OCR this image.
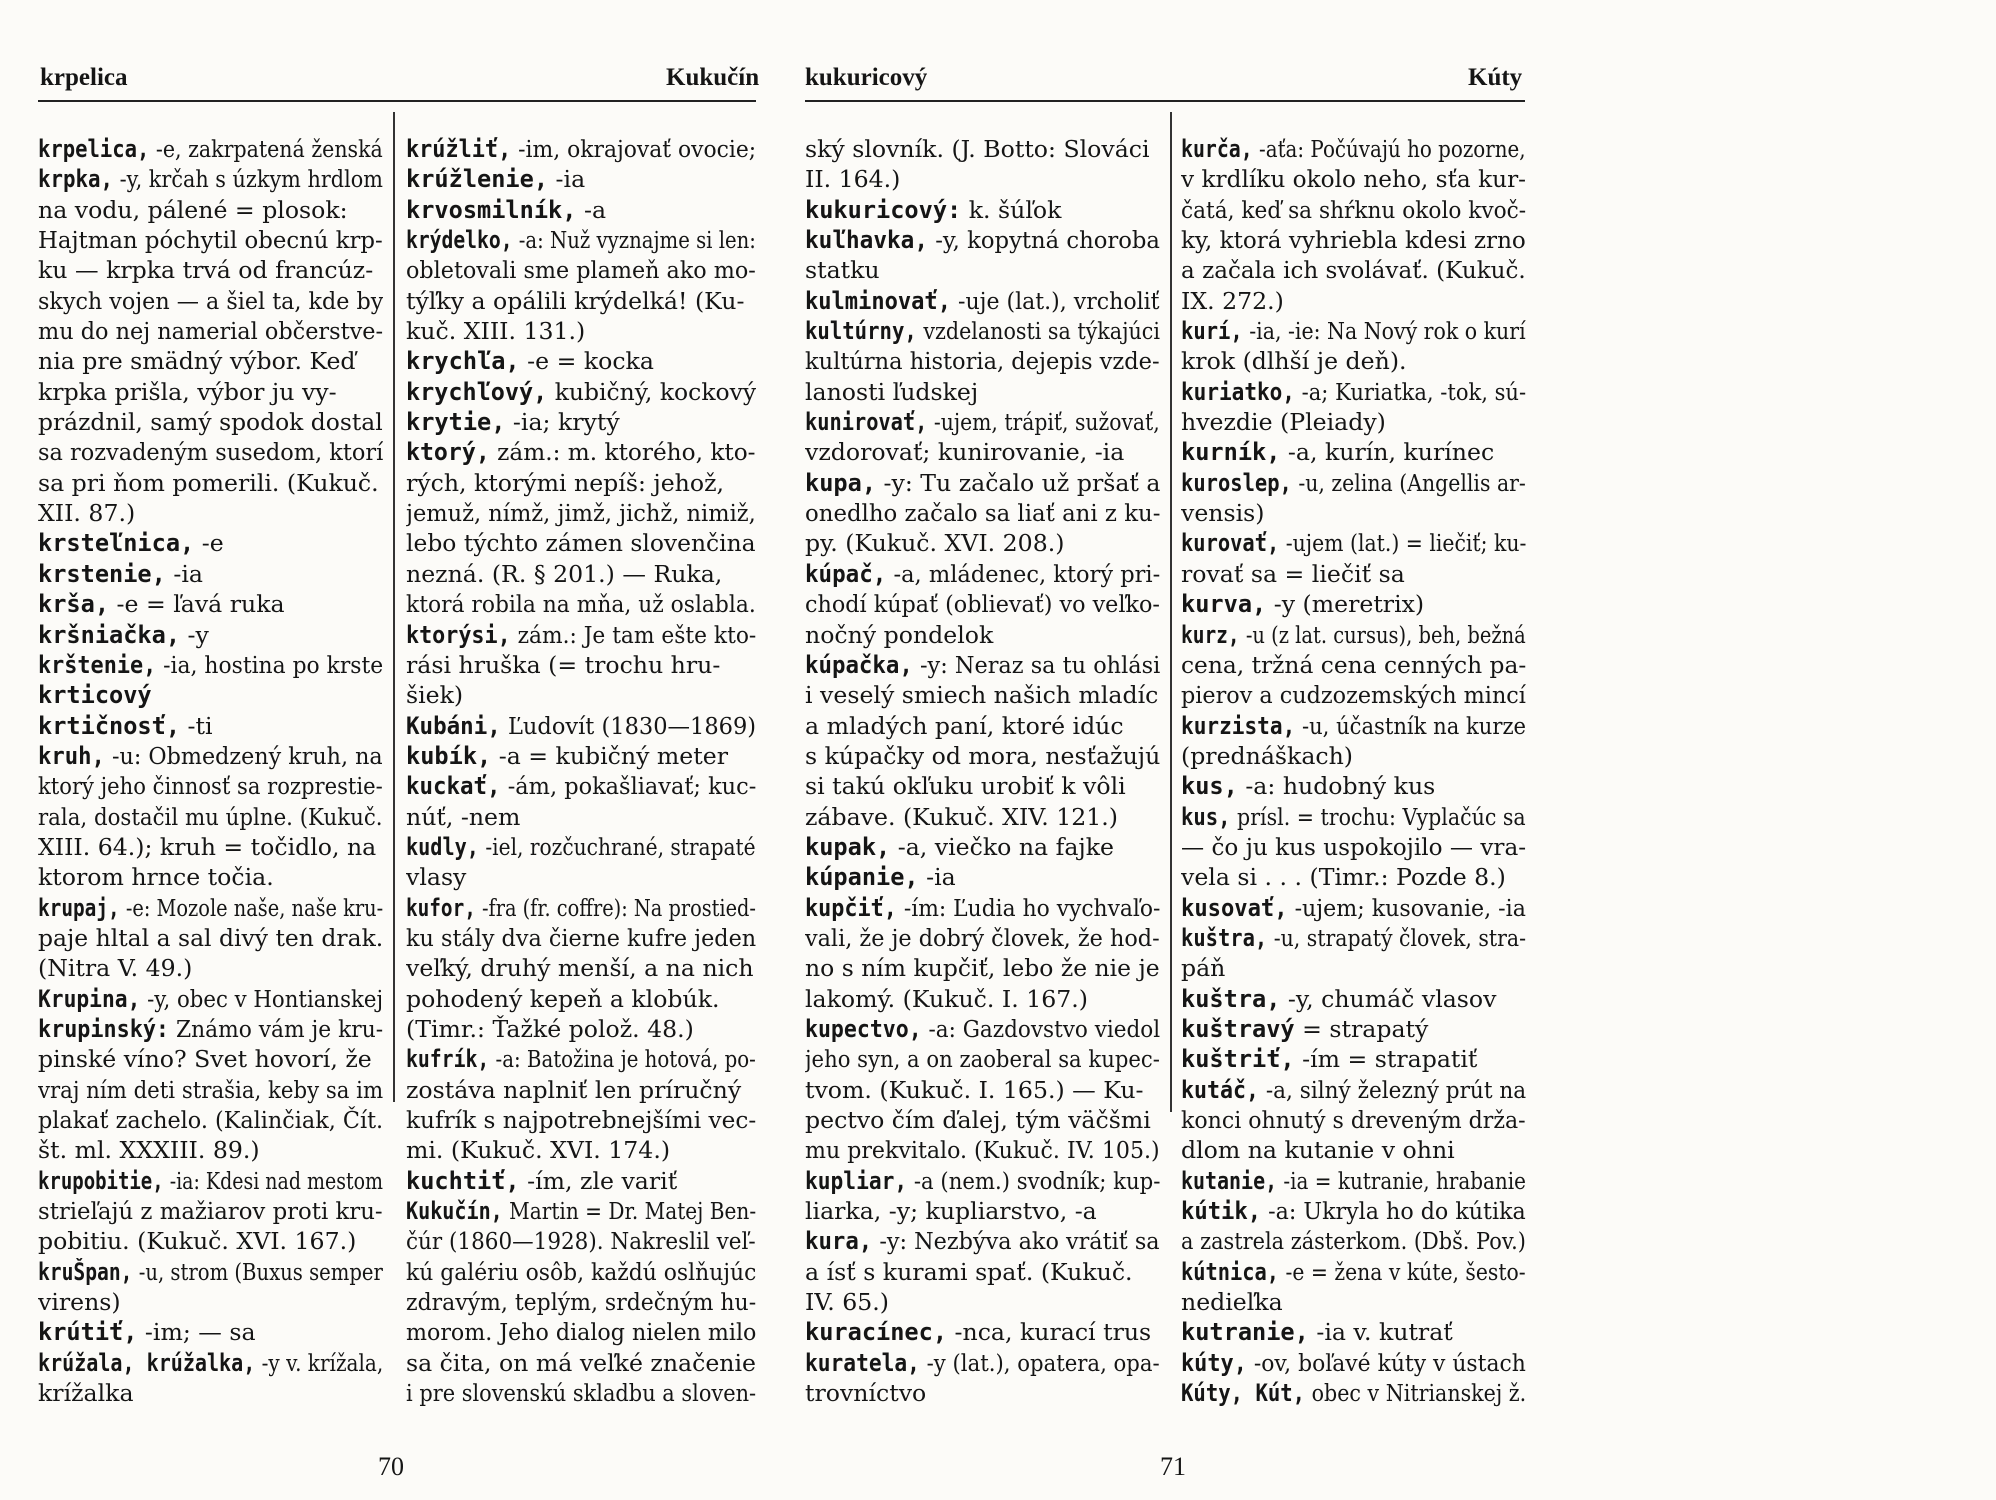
krpelica	Kukučín
krpelica, -e, zakrpatená ženská
krpka, -y, krčah s úzkym hrdlom
na vodu, pálené = plosok:
Hajtman póchytil obecnú krp-
ku — krpka trvá od francúz-
skych vojen — a šiel ta, kde by
mu do nej namerial občerstve-
nia pre smädný výbor. Keď
krpka prišla, výbor ju vy-
prázdnil, samý spodok dostal
sa rozvadeným susedom, ktorí
sa pri ňom pomerili. (Kukuč.
XII. 87.)
krsteľnica, -e
krstenie, -ia
krša, -e = ľavá ruka
kršniačka, -y
krštenie, -ia, hostina po krste
krticový
krtičnosť, -ti
kruh, -u: Obmedzený kruh, na
ktorý jeho činnosť sa rozprestie-
rala, dostačil mu úplne. (Kukuč.
XIII. 64.); kruh = točidlo, na
ktorom hrnce točia.
krupaj, -e: Mozole naše, naše kru-
paje hltal a sal divý ten drak.
(Nitra V. 49.)
Krupina, -y, obec v Hontianskej
krupinský: Známo vám je kru-
pinské víno? Svet hovorí, že
vraj ním deti strašia, keby sa im
plakať zachelo. (Kalinčiak, Čít.
št. ml. XXXIII. 89.)
krupobitie, -ia: Kdesi nad mestom
strieľajú z mažiarov proti kru-
pobitiu. (Kukuč. XVI. 167.)
kruŠpan, -u, strom (Buxus semper
virens)
krútiť, -im; — sa
krúžala, krúžalka, -y v. krížala,
krížalka
krúžliť, -im, okrajovať ovocie;
krúžlenie, -ia
krvosmilník, -a
krýdelko, -a: Nuž vyznajme si len:
obletovali sme plameň ako mo-
týľky a opálili krýdelká! (Ku-
kuč. XIII. 131.)
krychľa, -e = kocka
krychľový, kubičný, kockový
krytie, -ia; krytý
ktorý, zám.: m. ktorého, kto-
rých, ktorými nepíš: jehož,
jemuž, nímž, jimž, jichž, nimiž,
lebo týchto zámen slovenčina
nezná. (R. § 201.) — Ruka,
ktorá robila na mňa, už oslabla.
ktorýsi, zám.: Je tam ešte kto-
rási hruška (= trochu hru-
šiek)
Kubáni, Ľudovít (1830—1869)
kubík, -a = kubičný meter
kuckať, -ám, pokašliavať; kuc-
núť, -nem
kudly, -iel, rozčuchrané, strapaté
vlasy
kufor, -fra (fr. coffre): Na prostied-
ku stály dva čierne kufre jeden
veľký, druhý menší, a na nich
pohodený kepeň a klobúk.
(Timr.: Ťažké polož. 48.)
kufrík, -a: Batožina je hotová, po-
zostáva naplniť len príručný
kufrík s najpotrebnejšími vec-
mi. (Kukuč. XVI. 174.)
kuchtiť, -ím, zle variť
Kukučín, Martin = Dr. Matej Ben-
čúr (1860—1928). Nakreslil veľ-
kú galériu osôb, každú oslňujúc
zdravým, teplým, srdečným hu-
morom. Jeho dialog nielen milo
sa čita, on má veľké značenie
i pre slovenskú skladbu a sloven-
70
kukuricový	Kúty
ský slovník. (J. Botto: Slováci
II. 164.)
kukuricový: k. šúľok
kuľhavka, -y, kopytná choroba
statku
kulminovať, -uje (lat.), vrcholiť
kultúrny, vzdelanosti sa týkajúci
kultúrna historia, dejepis vzde-
lanosti ľudskej
kunirovať, -ujem, trápiť, sužovať,
vzdorovať; kunirovanie, -ia
kupa, -y: Tu začalo už pršať a
onedlho začalo sa liať ani z ku-
py. (Kukuč. XVI. 208.)
kúpač, -a, mládenec, ktorý pri-
chodí kúpať (oblievať) vo veľko-
nočný pondelok
kúpačka, -y: Neraz sa tu ohlási
i veselý smiech našich mladíc
a mladých paní, ktoré idúc
s kúpačky od mora, nesťažujú
si takú okľuku urobiť k vôli
zábave. (Kukuč. XIV. 121.)
kupak, -a, viečko na fajke
kúpanie, -ia
kupčiť, -ím: Ľudia ho vychvaľo-
vali, že je dobrý človek, že hod-
no s ním kupčiť, lebo že nie je
lakomý. (Kukuč. I. 167.)
kupectvo, -a: Gazdovstvo viedol
jeho syn, a on zaoberal sa kupec-
tvom. (Kukuč. I. 165.) — Ku-
pectvo čím ďalej, tým väčšmi
mu prekvitalo. (Kukuč. IV. 105.)
kupliar, -a (nem.) svodník; kup-
liarka, -y; kupliarstvo, -a
kura, -y: Nezbýva ako vrátiť sa
a ísť s kurami spať. (Kukuč.
IV. 65.)
kuracínec, -nca, kurací trus
kuratela, -y (lat.), opatera, opa-
trovníctvo
kurča, -aťa: Počúvajú ho pozorne,
v krdlíku okolo neho, sťa kur-
čatá, keď sa shŕknu okolo kvoč-
ky, ktorá vyhriebla kdesi zrno
a začala ich svolávať. (Kukuč.
IX. 272.)
kurí, -ia, -ie: Na Nový rok o kurí
krok (dlhší je deň).
kuriatko, -a; Kuriatka, -tok, sú-
hvezdie (Pleiady)
kurník, -a, kurín, kurínec
kuroslep, -u, zelina (Angellis ar-
vensis)
kurovať, -ujem (lat.) = liečiť; ku-
rovať sa = liečiť sa
kurva, -y (meretrix)
kurz, -u (z lat. cursus), beh, bežná
cena, tržná cena cenných pa-
pierov a cudzozemských mincí
kurzista, -u, účastník na kurze
(prednáškach)
kus, -a: hudobný kus
kus, prísl. = trochu: Vyplačúc sa
— čo ju kus uspokojilo — vra-
vela si . . . (Timr.: Pozde 8.)
kusovať, -ujem; kusovanie, -ia
kuštra, -u, strapatý človek, stra-
páň
kuštra, -y, chumáč vlasov
kuštravý = strapatý
kuštriť, -ím = strapatiť
kutáč, -a, silný železný prút na
konci ohnutý s dreveným drža-
dlom na kutanie v ohni
kutanie, -ia = kutranie, hrabanie
kútik, -a: Ukryla ho do kútika
a zastrela zásterkom. (Dbš. Pov.)
kútnica, -e = žena v kúte, šesto-
nedieľka
kutranie, -ia v. kutrať
kúty, -ov, boľavé kúty v ústach
Kúty, Kút, obec v Nitrianskej ž.
71
